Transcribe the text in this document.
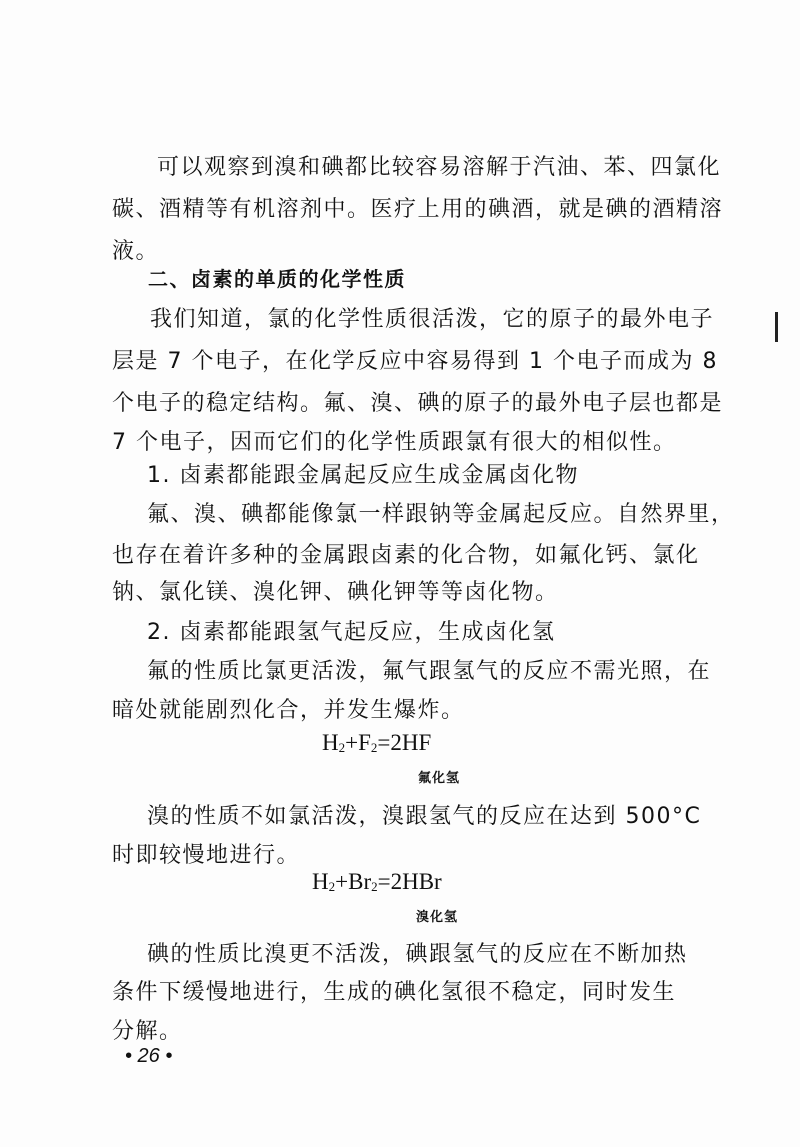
可以观察到溴和碘都比较容易溶解于汽油、苯、四氯化
碳、酒精等有机溶剂中。医疗上用的碘酒，就是碘的酒精溶
液。
二、卤素的单质的化学性质
我们知道，氯的化学性质很活泼，它的原子的最外电子
层是 7 个电子，在化学反应中容易得到 1 个电子而成为 8
个电子的稳定结构。氟、溴、碘的原子的最外电子层也都是
7 个电子，因而它们的化学性质跟氯有很大的相似性。
1. 卤素都能跟金属起反应生成金属卤化物
氟、溴、碘都能像氯一样跟钠等金属起反应。自然界里，
也存在着许多种的金属跟卤素的化合物，如氟化钙、氯化
钠、氯化镁、溴化钾、碘化钾等等卤化物。
2. 卤素都能跟氢气起反应，生成卤化氢
氟的性质比氯更活泼，氟气跟氢气的反应不需光照，在
暗处就能剧烈化合，并发生爆炸。
$H_2+F_2=2HF$
氟化氢
溴的性质不如氯活泼，溴跟氢气的反应在达到 500°C
时即较慢地进行。
$H_2+Br_2=2HBr$
溴化氢
碘的性质比溴更不活泼，碘跟氢气的反应在不断加热
条件下缓慢地进行，生成的碘化氢很不稳定，同时发生
分解。
• 26 •
